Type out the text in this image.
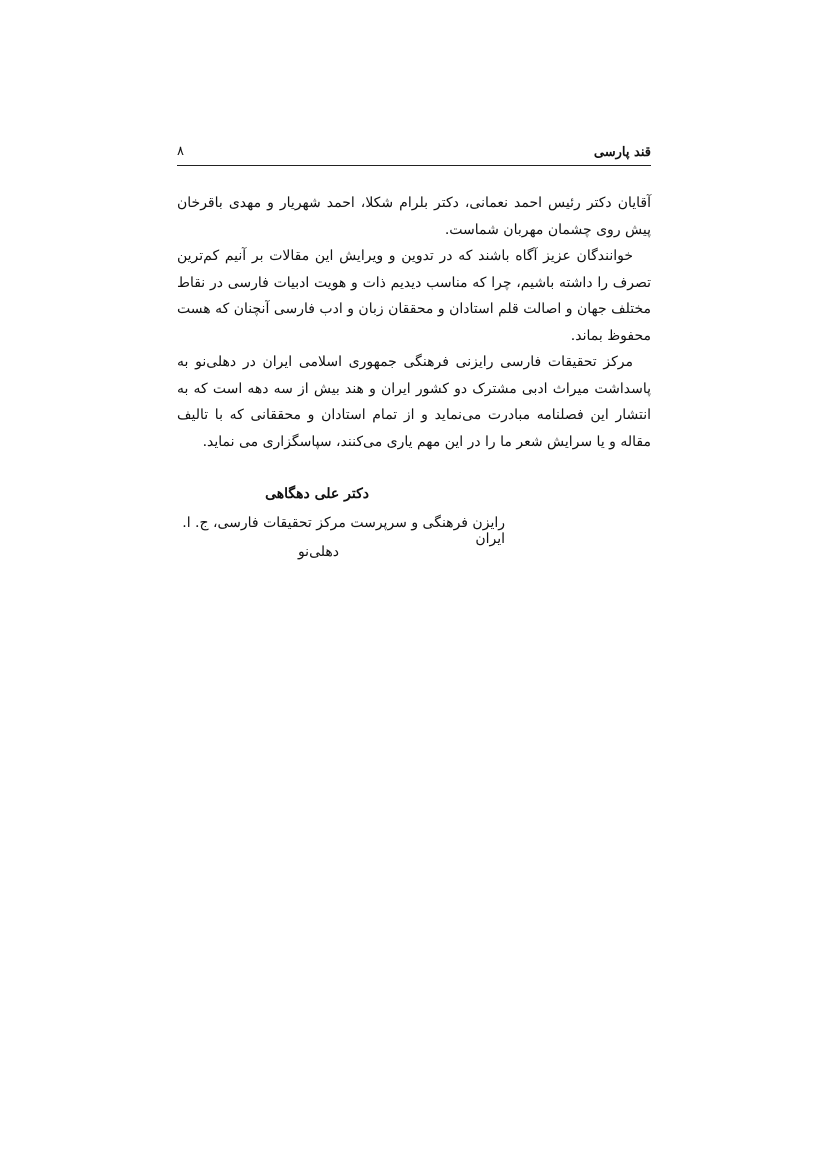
قند پارسی
۸

آقایان دکتر رئیس احمد نعمانی، دکتر بلرام شکلا، احمد شهریار و مهدی باقرخان پیش روی چشمان مهربان شماست.

خوانندگان عزیز آگاه باشند که در تدوین و ویرایش این مقالات بر آنیم کم‌ترین تصرف را داشته باشیم، چرا که مناسب دیدیم ذات و هویت ادبیات فارسی در نقاط مختلف جهان و اصالت قلم استادان و محققان زبان و ادب فارسی آنچنان که هست محفوظ بماند.

مرکز تحقیقات فارسی رایزنی فرهنگی جمهوری اسلامی ایران در دهلی‌نو به پاسداشت میراث ادبی مشترک دو کشور ایران و هند بیش از سه دهه است که به انتشار این فصلنامه مبادرت می‌نماید و از تمام استادان و محققانی که با تالیف مقاله و یا سرایش شعر ما را در این مهم یاری می‌کنند، سپاسگزاری می نماید.

دکتر علی دهگاهی
رایزن فرهنگی و سرپرست مرکز تحقیقات فارسی، ج. ا. ایران
دهلی‌نو
